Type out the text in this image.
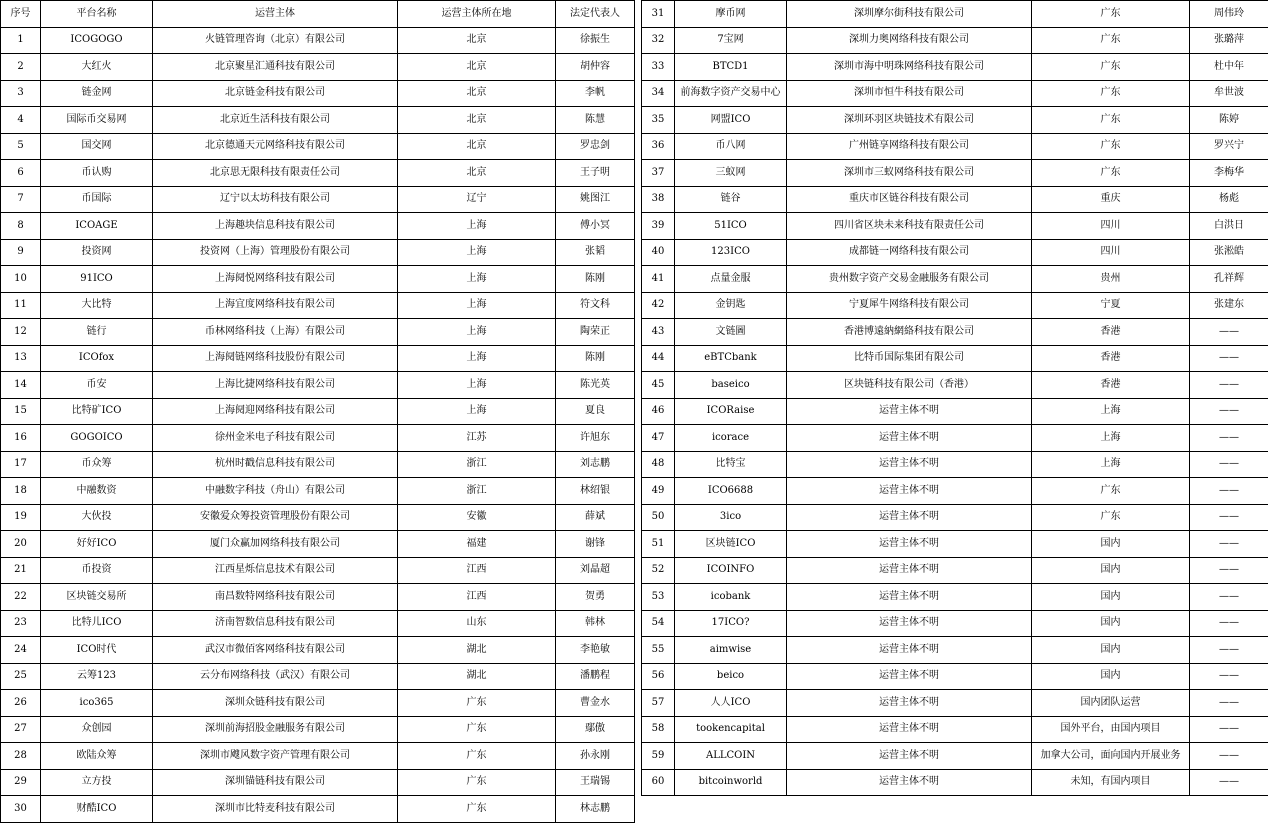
序号	平台名称	运营主体	运营主体所在地	法定代表人
1	ICOGOGO	火链管理咨询（北京）有限公司	北京	徐振生
2	大红火	北京聚星汇通科技有限公司	北京	胡仲容
3	链金网	北京链金科技有限公司	北京	李帆
4	国际币交易网	北京近生活科技有限公司	北京	陈慧
5	国交网	北京德通天元网络科技有限公司	北京	罗忠剑
6	币认购	北京思无限科技有限责任公司	北京	王子明
7	币国际	辽宁以太坊科技有限公司	辽宁	姚图江
8	ICOAGE	上海趣块信息科技有限公司	上海	傅小冥
9	投资网	投资网（上海）管理股份有限公司	上海	张韬
10	91ICO	上海阋悦网络科技有限公司	上海	陈刚
11	大比特	上海宜度网络科技有限公司	上海	符文科
12	链行	币林网络科技（上海）有限公司	上海	陶荣正
13	ICOfox	上海阋链网络科技股份有限公司	上海	陈刚
14	币安	上海比捷网络科技有限公司	上海	陈光英
15	比特矿ICO	上海阋迎网络科技有限公司	上海	夏良
16	GOGOICO	徐州金米电子科技有限公司	江苏	许旭东
17	币众筹	杭州时戳信息科技有限公司	浙江	刘志鹏
18	中融数资	中融数字科技（舟山）有限公司	浙江	林绍银
19	大伙投	安徽爱众筹投资管理股份有限公司	安徽	薛斌
20	好好ICO	厦门众赢加网络科技有限公司	福建	谢锋
21	币投资	江西星烁信息技术有限公司	江西	刘晶超
22	区块链交易所	南昌数特网络科技有限公司	江西	贺勇
23	比特儿ICO	济南智数信息科技有限公司	山东	韩林
24	ICO时代	武汉市微佰客网络科技有限公司	湖北	李艳敏
25	云筹123	云分布网络科技（武汉）有限公司	湖北	潘鹏程
26	ico365	深圳众链科技有限公司	广东	曹金水
27	众创园	深圳前海招股金融服务有限公司	广东	鄢傲
28	欧陆众筹	深圳市飕风数字资产管理有限公司	广东	孙永刚
29	立方投	深圳锚链科技有限公司	广东	王瑞锡
30	财酷ICO	深圳市比特麦科技有限公司	广东	林志鹏
31	摩币网	深圳摩尔街科技有限公司	广东	周伟玲
32	7宝网	深圳力奥网络科技有限公司	广东	张璐萍
33	BTCD1	深圳市海中明珠网络科技有限公司	广东	杜中年
34	前海数字资产交易中心	深圳市恒牛科技有限公司	广东	牟世波
35	网盟ICO	深圳环羽区块链技术有限公司	广东	陈婷
36	币八网	广州链享网络科技有限公司	广东	罗兴宁
37	三蚁网	深圳市三蚁网络科技有限公司	广东	李梅华
38	链谷	重庆市区链谷科技有限公司	重庆	杨彪
39	51ICO	四川省区块未来科技有限责任公司	四川	白洪日
40	123ICO	成都链一网络科技有限公司	四川	张淞皓
41	点量金服	贵州数字资产交易金融服务有限公司	贵州	孔祥辉
42	金钥匙	宁夏犀牛网络科技有限公司	宁夏	张建东
43	文链圖	香港博遠納網絡科技有限公司	香港	——
44	eBTCbank	比特币国际集团有限公司	香港	——
45	baseico	区块链科技有限公司（香港）	香港	——
46	ICORaise	运营主体不明	上海	——
47	icorace	运营主体不明	上海	——
48	比特宝	运营主体不明	上海	——
49	ICO6688	运营主体不明	广东	——
50	3ico	运营主体不明	广东	——
51	区块链ICO	运营主体不明	国内	——
52	ICOINFO	运营主体不明	国内	——
53	icobank	运营主体不明	国内	——
54	17ICO?	运营主体不明	国内	——
55	aimwise	运营主体不明	国内	——
56	beico	运营主体不明	国内	——
57	人人ICO	运营主体不明	国内团队运营	——
58	tookencapital	运营主体不明	国外平台，由国内项目	——
59	ALLCOIN	运营主体不明	加拿大公司，面向国内开展业务	——
60	bitcoinworld	运营主体不明	未知，有国内项目	——
